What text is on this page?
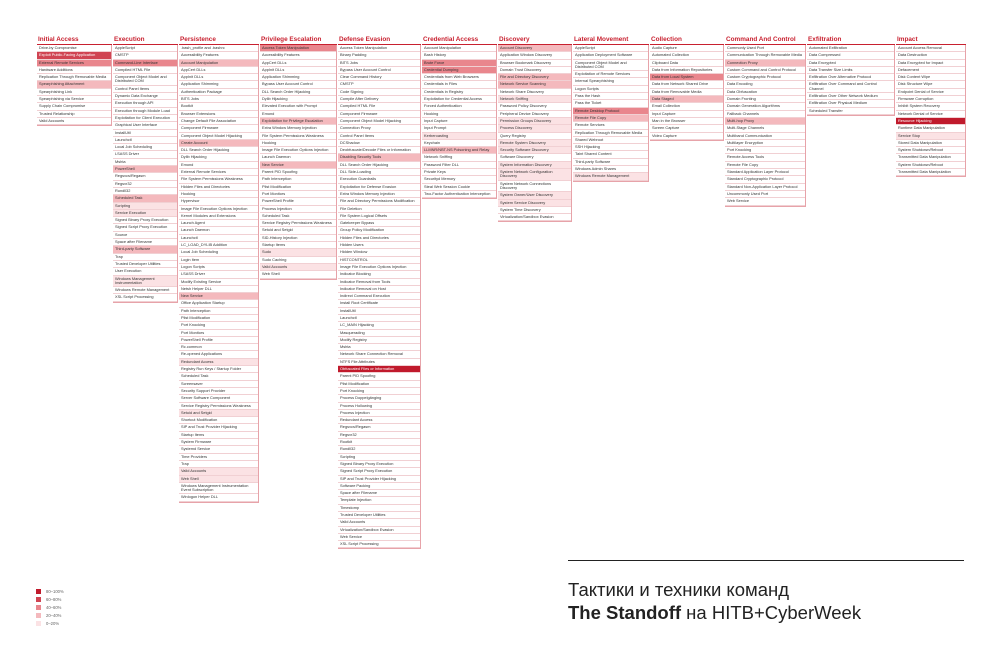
Initial Access
Drive-by Compromise
Exploit Public-Facing Application
External Remote Services
Hardware Additions
Replication Through Removable Media
Spearphishing Attachment
Spearphishing Link
Spearphishing via Service
Supply Chain Compromise
Trusted Relationship
Valid Accounts
Execution
AppleScript
CMSTP
Command-Line Interface
Compiled HTML File
Component Object Model and Distributed COM
Control Panel Items
Dynamic Data Exchange
Execution through API
Execution through Module Load
Exploitation for Client Execution
Graphical User Interface
InstallUtil
Launchctl
Local Job Scheduling
LSASS Driver
Mshta
PowerShell
Regsvcs/Regasm
Regsvr32
Rundll32
Scheduled Task
Scripting
Service Execution
Signed Binary Proxy Execution
Signed Script Proxy Execution
Source
Space after Filename
Third-party Software
Trap
Trusted Developer Utilities
User Execution
Windows Management Instrumentation
Windows Remote Management
XSL Script Processing
Persistence
.bash_profile and .bashrc
Accessibility Features
Account Manipulation
AppCert DLLs
AppInit DLLs
Application Shimming
Authentication Package
BITS Jobs
Bootkit
Browser Extensions
Change Default File Association
Component Firmware
Component Object Model Hijacking
Create Account
DLL Search Order Hijacking
Dylib Hijacking
Emond
External Remote Services
File System Permissions Weakness
Hidden Files and Directories
Hooking
Hypervisor
Image File Execution Options Injection
Kernel Modules and Extensions
Launch Agent
Launch Daemon
Launchctl
LC_LOAD_DYLIB Addition
Local Job Scheduling
Login Item
Logon Scripts
LSASS Driver
Modify Existing Service
Netsh Helper DLL
New Service
Office Application Startup
Path Interception
Plist Modification
Port Knocking
Port Monitors
PowerShell Profile
Rc.common
Re-opened Applications
Redundant Access
Registry Run Keys / Startup Folder
Scheduled Task
Screensaver
Security Support Provider
Server Software Component
Service Registry Permissions Weakness
Setuid and Setgid
Shortcut Modification
SIP and Trust Provider Hijacking
Startup Items
System Firmware
Systemd Service
Time Providers
Trap
Valid Accounts
Web Shell
Windows Management Instrumentation Event Subscription
Winlogon Helper DLL
Privilege Escalation
Access Token Manipulation
Accessibility Features
AppCert DLLs
AppInit DLLs
Application Shimming
Bypass User Account Control
DLL Search Order Hijacking
Dylib Hijacking
Elevated Execution with Prompt
Emond
Exploitation for Privilege Escalation
Extra Window Memory Injection
File System Permissions Weakness
Hooking
Image File Execution Options Injection
Launch Daemon
New Service
Parent PID Spoofing
Path Interception
Plist Modification
Port Monitors
PowerShell Profile
Process Injection
Scheduled Task
Service Registry Permissions Weakness
Setuid and Setgid
SID-History Injection
Startup Items
Sudo
Sudo Caching
Valid Accounts
Web Shell
Defense Evasion
Access Token Manipulation
Binary Padding
BITS Jobs
Bypass User Account Control
Clear Command History
CMSTP
Code Signing
Compile After Delivery
Compiled HTML File
Component Firmware
Component Object Model Hijacking
Connection Proxy
Control Panel Items
DCShadow
Deobfuscate/Decode Files or Information
Disabling Security Tools
DLL Search Order Hijacking
DLL Side-Loading
Execution Guardrails
Exploitation for Defense Evasion
Extra Window Memory Injection
File and Directory Permissions Modification
File Deletion
File System Logical Offsets
Gatekeeper Bypass
Group Policy Modification
Hidden Files and Directories
Hidden Users
Hidden Window
HISTCONTROL
Image File Execution Options Injection
Indicator Blocking
Indicator Removal from Tools
Indicator Removal on Host
Indirect Command Execution
Install Root Certificate
InstallUtil
Launchctl
LC_MAIN Hijacking
Masquerading
Modify Registry
Mshta
Network Share Connection Removal
NTFS File Attributes
Obfuscated Files or Information
Parent PID Spoofing
Plist Modification
Port Knocking
Process Doppelgänging
Process Hollowing
Process Injection
Redundant Access
Regsvcs/Regasm
Regsvr32
Rootkit
Rundll32
Scripting
Signed Binary Proxy Execution
Signed Script Proxy Execution
SIP and Trust Provider Hijacking
Software Packing
Space after Filename
Template Injection
Timestomp
Trusted Developer Utilities
Valid Accounts
Virtualization/Sandbox Evasion
Web Service
XSL Script Processing
Credential Access
Account Manipulation
Bash History
Brute Force
Credential Dumping
Credentials from Web Browsers
Credentials in Files
Credentials in Registry
Exploitation for Credential Access
Forced Authentication
Hooking
Input Capture
Input Prompt
Kerberoasting
Keychain
LLMNR/NBT-NS Poisoning and Relay
Network Sniffing
Password Filter DLL
Private Keys
Securityd Memory
Steal Web Session Cookie
Two-Factor Authentication Interception
Discovery
Account Discovery
Application Window Discovery
Browser Bookmark Discovery
Domain Trust Discovery
File and Directory Discovery
Network Service Scanning
Network Share Discovery
Network Sniffing
Password Policy Discovery
Peripheral Device Discovery
Permission Groups Discovery
Process Discovery
Query Registry
Remote System Discovery
Security Software Discovery
Software Discovery
System Information Discovery
System Network Configuration Discovery
System Network Connections Discovery
System Owner/User Discovery
System Service Discovery
System Time Discovery
Virtualization/Sandbox Evasion
Lateral Movement
AppleScript
Application Deployment Software
Component Object Model and Distributed COM
Exploitation of Remote Services
Internal Spearphishing
Logon Scripts
Pass the Hash
Pass the Ticket
Remote Desktop Protocol
Remote File Copy
Remote Services
Replication Through Removable Media
Shared Webroot
SSH Hijacking
Taint Shared Content
Third-party Software
Windows Admin Shares
Windows Remote Management
Collection
Audio Capture
Automated Collection
Clipboard Data
Data from Information Repositories
Data from Local System
Data from Network Shared Drive
Data from Removable Media
Data Staged
Email Collection
Input Capture
Man in the Browser
Screen Capture
Video Capture
Command And Control
Commonly Used Port
Communication Through Removable Media
Connection Proxy
Custom Command and Control Protocol
Custom Cryptographic Protocol
Data Encoding
Data Obfuscation
Domain Fronting
Domain Generation Algorithms
Fallback Channels
Multi-hop Proxy
Multi-Stage Channels
Multiband Communication
Multilayer Encryption
Port Knocking
Remote Access Tools
Remote File Copy
Standard Application Layer Protocol
Standard Cryptographic Protocol
Standard Non-Application Layer Protocol
Uncommonly Used Port
Web Service
Exfiltration
Automated Exfiltration
Data Compressed
Data Encrypted
Data Transfer Size Limits
Exfiltration Over Alternative Protocol
Exfiltration Over Command and Control Channel
Exfiltration Over Other Network Medium
Exfiltration Over Physical Medium
Scheduled Transfer
Impact
Account Access Removal
Data Destruction
Data Encrypted for Impact
Defacement
Disk Content Wipe
Disk Structure Wipe
Endpoint Denial of Service
Firmware Corruption
Inhibit System Recovery
Network Denial of Service
Resource Hijacking
Runtime Data Manipulation
Service Stop
Stored Data Manipulation
System Shutdown/Reboot
Transmitted Data Manipulation
System Shutdown/Reboot
Transmitted Data Manipulation
80–100%
60–80%
40–60%
20–40%
0–20%
Тактики и техники команд
The Standoff на HITB+CyberWeek
